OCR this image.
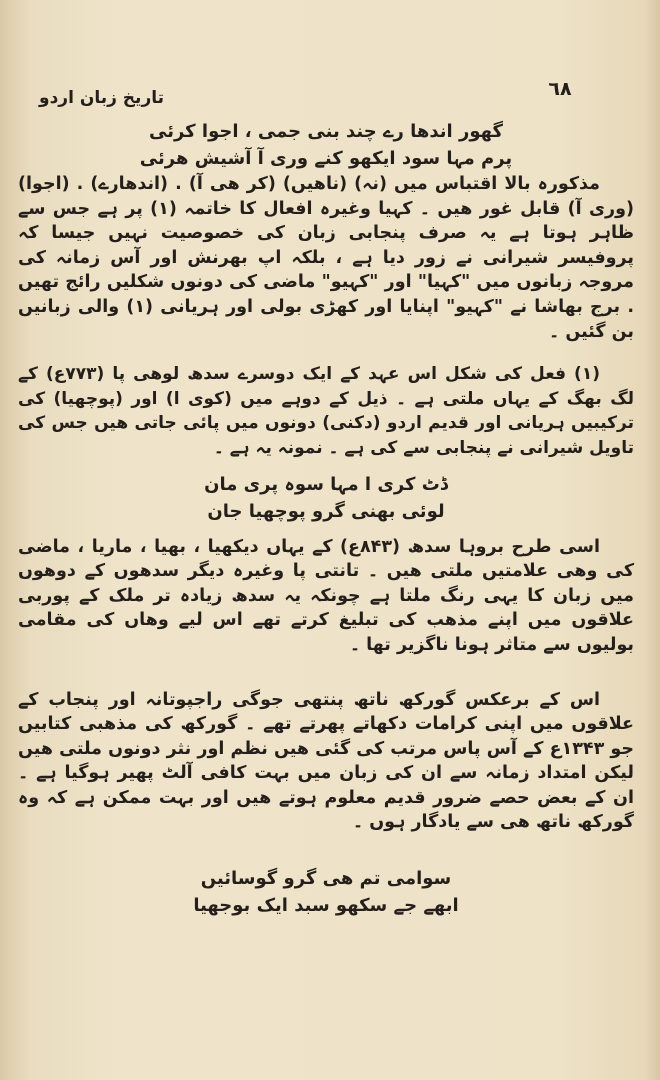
٦٨
تاریخ زبان اردو

گھور اندھا رے چند بنی جمی ، اجوا کرئی

پرم مہا سود ایکھو کنے وری آ آشیش ھرئی

مذکورہ بالا اقتباس میں (نہ) (ناھیں) (کر ھی آ) . (اندھارے) . (اجوا) (وری آ) قابل غور ھیں ۔ کہیا وغیرہ افعال کا خاتمہ (۱) پر ہے جس سے ظاہر ہوتا ہے یہ صرف پنجابی زبان کی خصوصیت نہیں جیسا کہ پروفیسر شیرانی نے زور دیا ہے ، بلکہ اپ بھرنش اور آس زمانہ کی مروجہ زبانوں میں "کہیا" اور "کہیو" ماضی کی دونوں شکلیں رائج تھیں . برج بھاشا نے "کہیو" اپنایا اور کھڑی بولی اور ہریانی (۱) والی زبانیں بن گئیں ۔

(۱) فعل کی شکل اس عہد کے ایک دوسرے سدھ لوھی پا (۷۷۳ع) کے لگ بھگ کے یہاں ملتی ہے ۔ ذیل کے دوہے میں (کوی ا) اور (پوچھیا) کی ترکیبیں ہریانی اور قدیم اردو (دکنی) دونوں میں پائی جاتی ھیں جس کی تاویل شیرانی نے پنجابی سے کی ہے ۔ نمونہ یہ ہے ۔

ڈٹ کری ا مہا سوہ پری مان

لوئی بھنی گرو پوچھیا جان

اسی طرح بروہا سدھ (۸۴۳ع) کے یہاں دیکھیا ، بھیا ، ماریا ، ماضی کی وھی علامتیں ملتی ھیں ۔ تانتی پا وغیرہ دیگر سدھوں کے دوھوں میں زبان کا یہی رنگ ملتا ہے چونکہ یہ سدھ زیادہ تر ملک کے پوربی علاقوں میں اپنے مذھب کی تبلیغ کرتے تھے اس لیے وھاں کی مقامی بولیوں سے متاثر ہونا ناگزیر تھا ۔

اس کے برعکس گورکھ ناتھ پنتھی جوگی راجپوتانہ اور پنجاب کے علاقوں میں اپنی کرامات دکھاتے پھرتے تھے ۔ گورکھ کی مذھبی کتابیں جو ۱۳۴۳ع کے آس پاس مرتب کی گئی ھیں نظم اور نثر دونوں ملتی ھیں لیکن امتداد زمانہ سے ان کی زبان میں بہت کافی آلٹ پھیر ہوگیا ہے ۔ ان کے بعض حصے ضرور قدیم معلوم ہوتے ھیں اور بہت ممکن ہے کہ وہ گورکھ ناتھ ھی سے یادگار ہوں ۔

سوامی تم ھی گرو گوسائیں

ابھے جے سکھو سبد ایک بوجھیا
